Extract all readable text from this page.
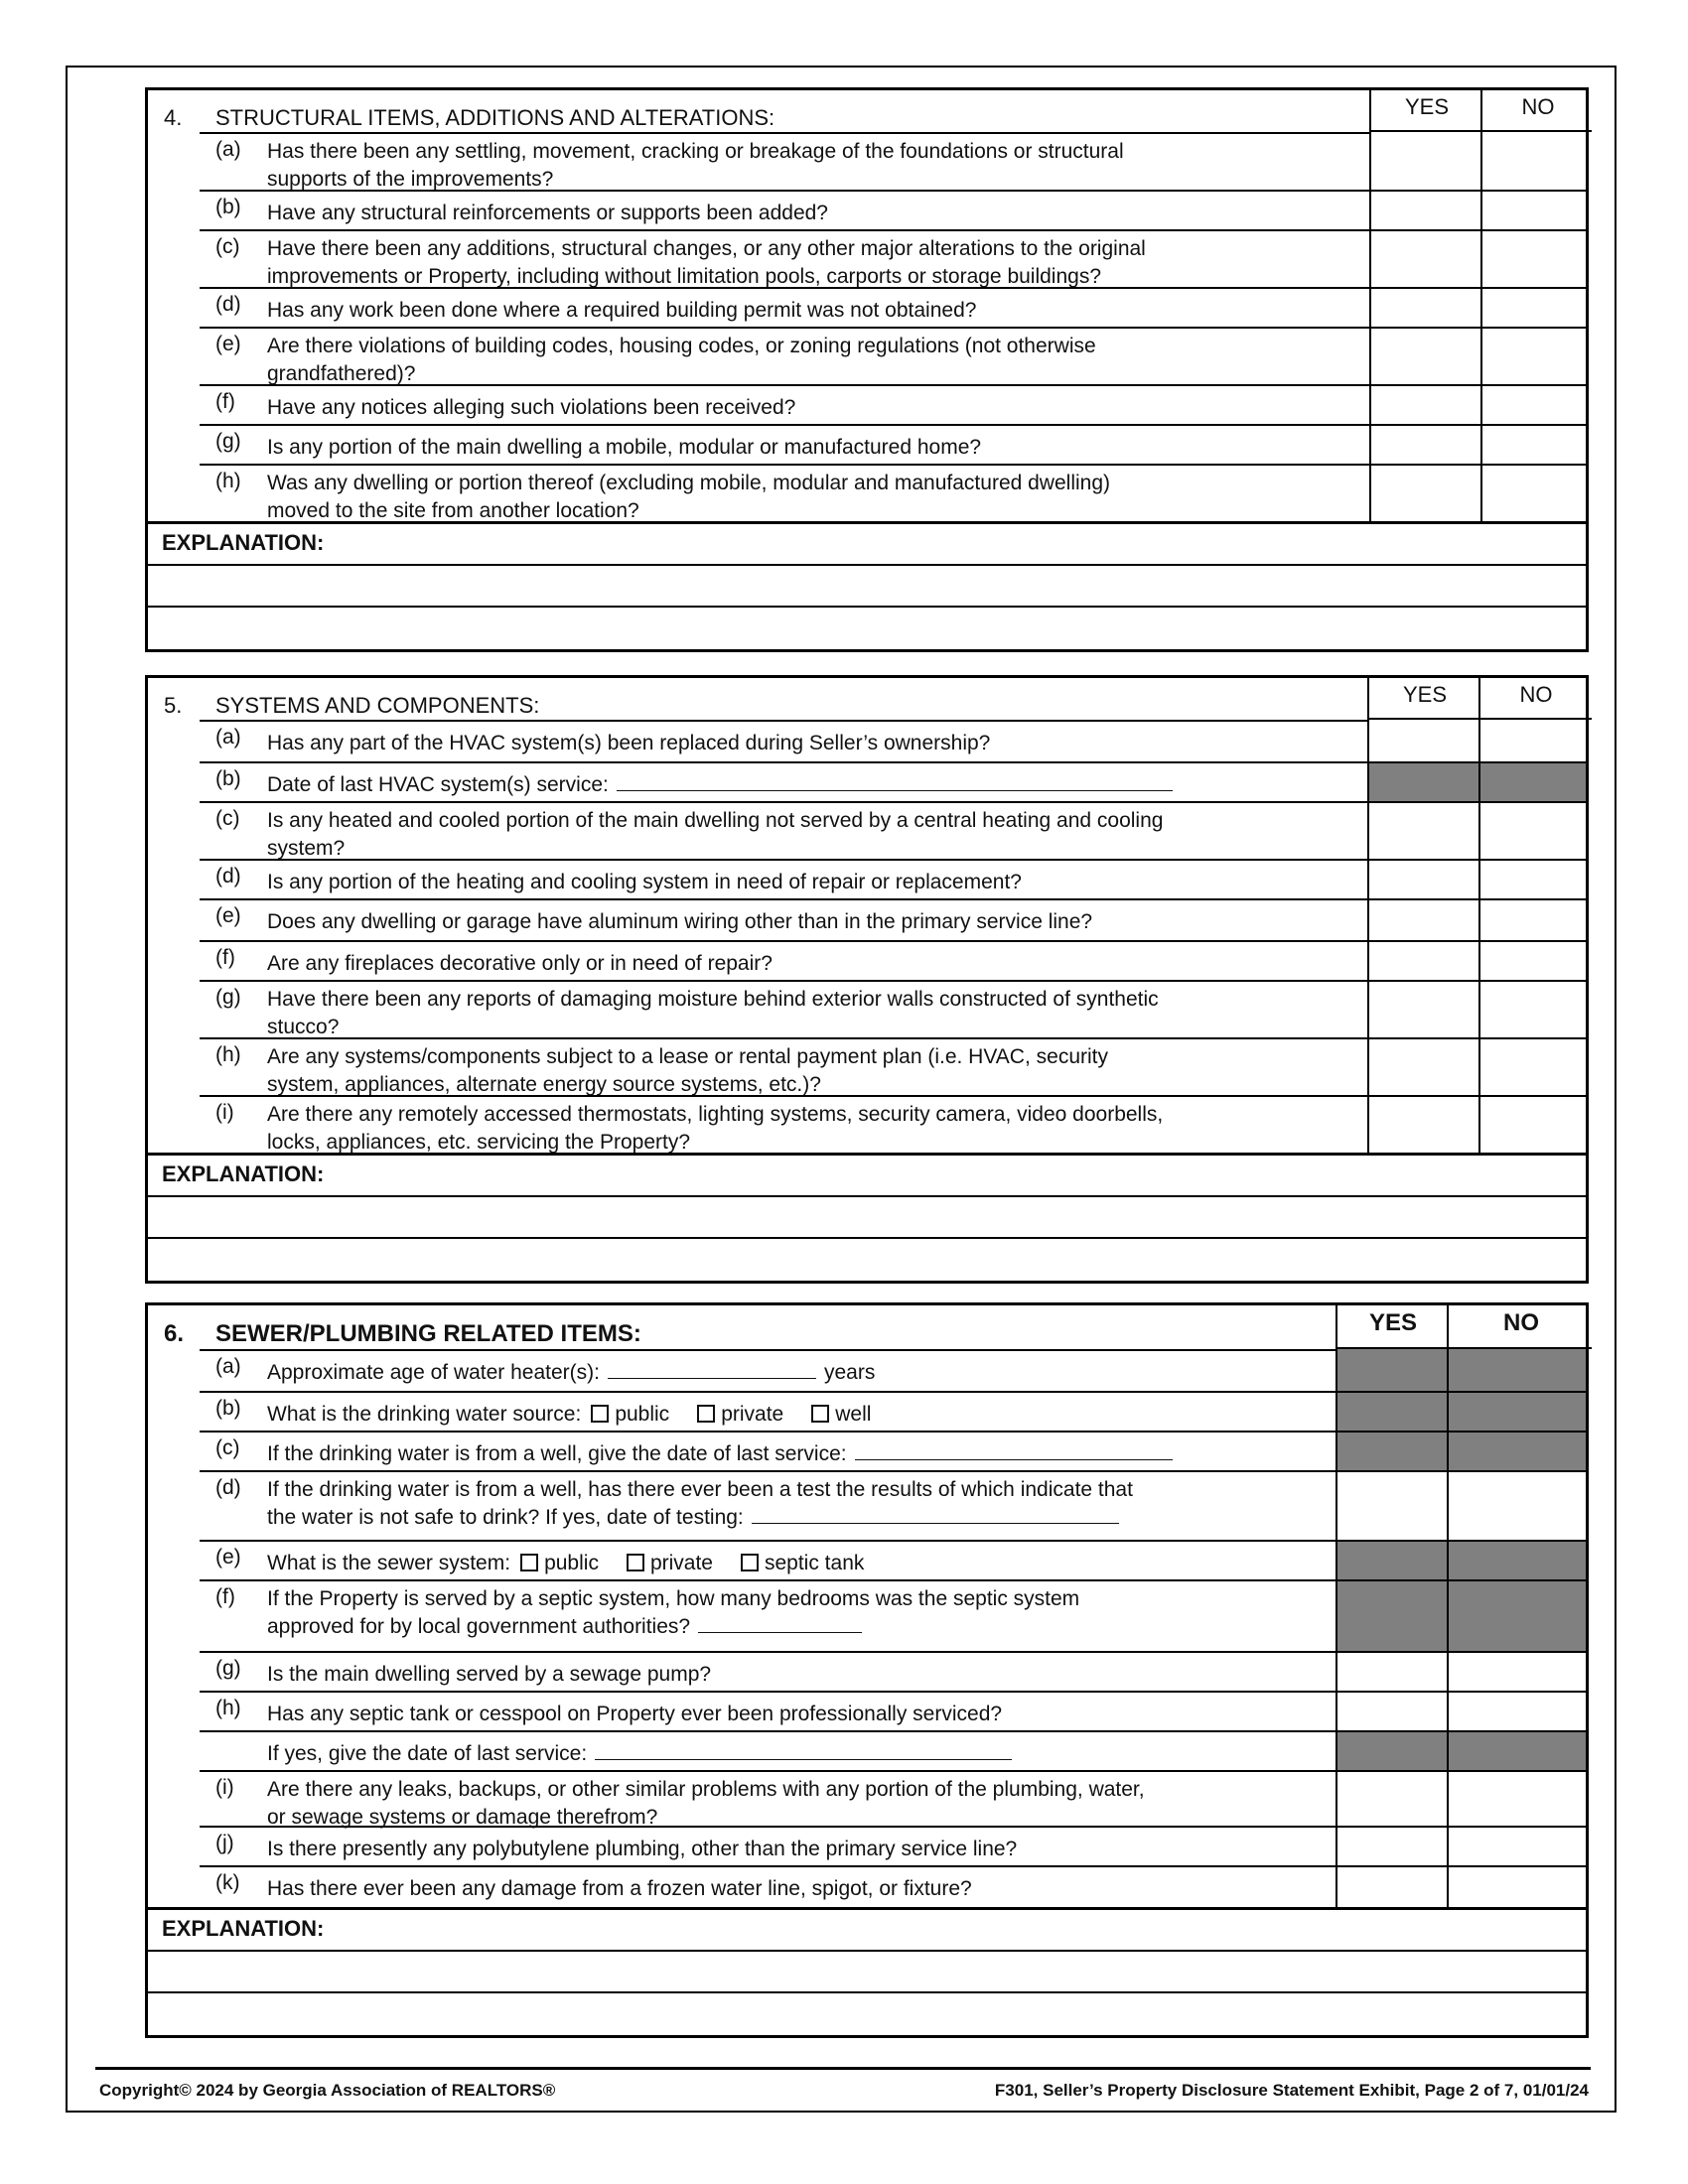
4. STRUCTURAL ITEMS, ADDITIONS AND ALTERATIONS:	YES	NO
(a) Has there been any settling, movement, cracking or breakage of the foundations or structural
supports of the improvements?
(b) Have any structural reinforcements or supports been added?
(c) Have there been any additions, structural changes, or any other major alterations to the original
improvements or Property, including without limitation pools, carports or storage buildings?
(d) Has any work been done where a required building permit was not obtained?
(e) Are there violations of building codes, housing codes, or zoning regulations (not otherwise
grandfathered)?
(f) Have any notices alleging such violations been received?
(g) Is any portion of the main dwelling a mobile, modular or manufactured home?
(h) Was any dwelling or portion thereof (excluding mobile, modular and manufactured dwelling)
moved to the site from another location?
EXPLANATION:
5. SYSTEMS AND COMPONENTS:	YES	NO
(a) Has any part of the HVAC system(s) been replaced during Seller’s ownership?
(b) Date of last HVAC system(s) service:
(c) Is any heated and cooled portion of the main dwelling not served by a central heating and cooling
system?
(d) Is any portion of the heating and cooling system in need of repair or replacement?
(e) Does any dwelling or garage have aluminum wiring other than in the primary service line?
(f) Are any fireplaces decorative only or in need of repair?
(g) Have there been any reports of damaging moisture behind exterior walls constructed of synthetic
stucco?
(h) Are any systems/components subject to a lease or rental payment plan (i.e. HVAC, security
system, appliances, alternate energy source systems, etc.)?
(i) Are there any remotely accessed thermostats, lighting systems, security camera, video doorbells,
locks, appliances, etc. servicing the Property?
EXPLANATION:
6. SEWER/PLUMBING RELATED ITEMS:	YES	NO
(a) Approximate age of water heater(s):	years
(b) What is the drinking water source: public private well
(c) If the drinking water is from a well, give the date of last service:
(d) If the drinking water is from a well, has there ever been a test the results of which indicate that
the water is not safe to drink? If yes, date of testing:
(e) What is the sewer system: public private septic tank
(f) If the Property is served by a septic system, how many bedrooms was the septic system
approved for by local government authorities?
(g) Is the main dwelling served by a sewage pump?
(h) Has any septic tank or cesspool on Property ever been professionally serviced?
If yes, give the date of last service:
(i) Are there any leaks, backups, or other similar problems with any portion of the plumbing, water,
or sewage systems or damage therefrom?
(j) Is there presently any polybutylene plumbing, other than the primary service line?
(k) Has there ever been any damage from a frozen water line, spigot, or fixture?
EXPLANATION:
Copyright© 2024 by Georgia Association of REALTORS®	F301, Seller’s Property Disclosure Statement Exhibit, Page 2 of 7, 01/01/24
